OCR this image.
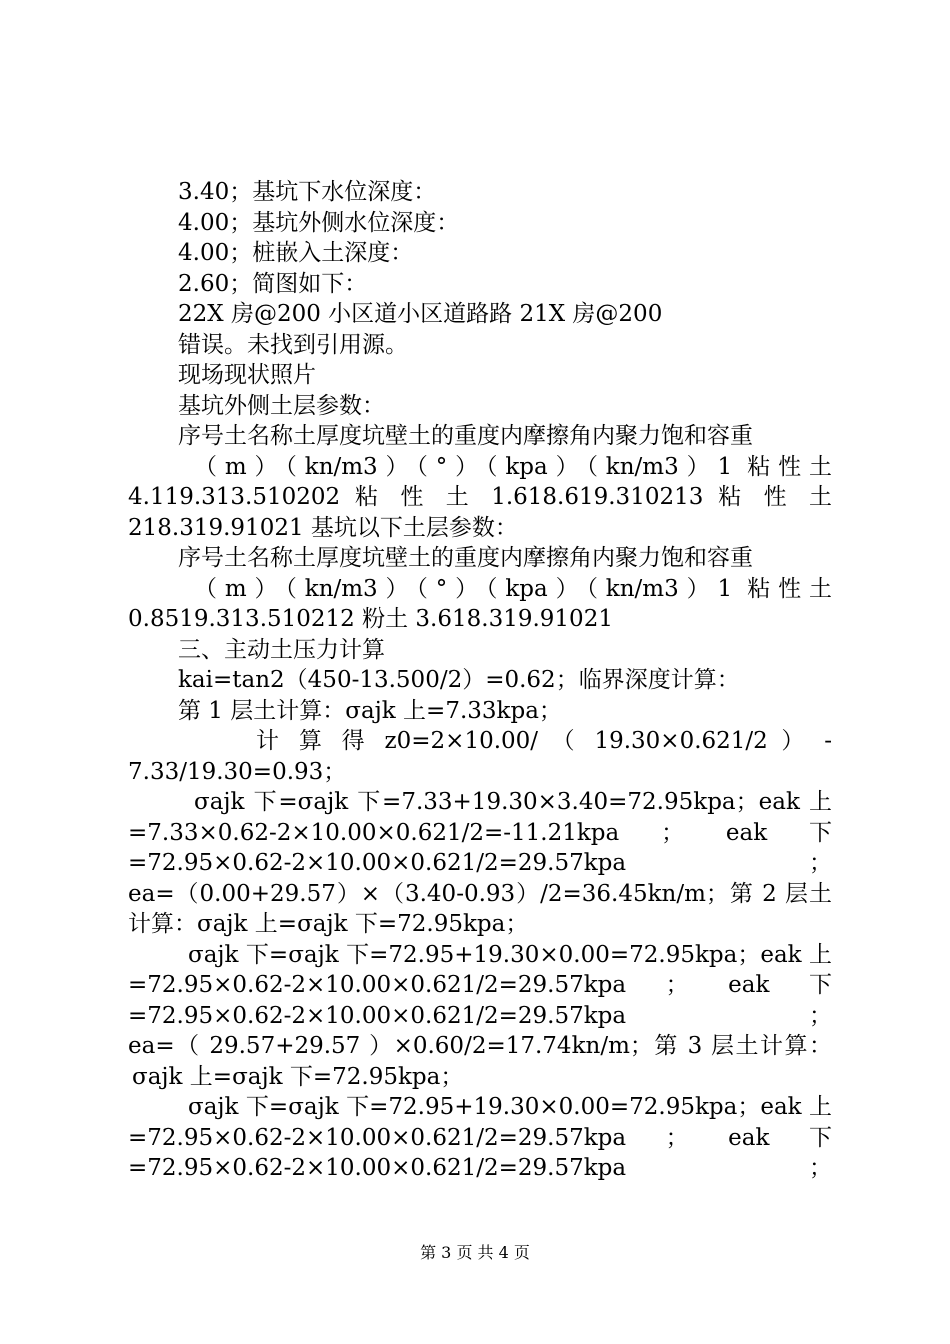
3.40；基坑下水位深度：
4.00；基坑外侧水位深度：
4.00；桩嵌入土深度：
2.60；简图如下：
22X 房@200 小区道小区道路路 21X 房@200
错误。未找到引用源。
现场现状照片
基坑外侧土层参数：
序号土名称土厚度坑壁土的重度内摩擦角内聚力饱和容重
（m）（kn/m3）（°）（kpa）（kn/m3）1 粘性土
4.119.313.510202 粘 性 土 1.618.619.310213 粘 性 土
218.319.91021 基坑以下土层参数：
序号土名称土厚度坑壁土的重度内摩擦角内聚力饱和容重
（m）（kn/m3）（°）（kpa）（kn/m3）1 粘性土
0.8519.313.510212 粉土 3.618.319.91021
三、主动土压力计算
kai=tan2（450-13.500/2）=0.62；临界深度计算：
第 1 层土计算：σajk 上=7.33kpa；
计 算 得 z0=2×10.00/ （ 19.30×0.621/2 ） -
7.33/19.30=0.93；
σajk 下=σajk 下=7.33+19.30×3.40=72.95kpa；eak 上
=7.33×0.62-2×10.00×0.621/2=-11.21kpa ； eak 下
=72.95×0.62-2×10.00×0.621/2=29.57kpa ；
ea=（0.00+29.57）×（3.40-0.93）/2=36.45kn/m；第 2 层土
计算：σajk 上=σajk 下=72.95kpa；
σajk 下=σajk 下=72.95+19.30×0.00=72.95kpa；eak 上
=72.95×0.62-2×10.00×0.621/2=29.57kpa ； eak 下
=72.95×0.62-2×10.00×0.621/2=29.57kpa ；
ea=（ 29.57+29.57 ）×0.60/2=17.74kn/m；第 3 层土计算：
σajk 上=σajk 下=72.95kpa；
σajk 下=σajk 下=72.95+19.30×0.00=72.95kpa；eak 上
=72.95×0.62-2×10.00×0.621/2=29.57kpa ； eak 下
=72.95×0.62-2×10.00×0.621/2=29.57kpa ；
第 3 页 共 4 页
